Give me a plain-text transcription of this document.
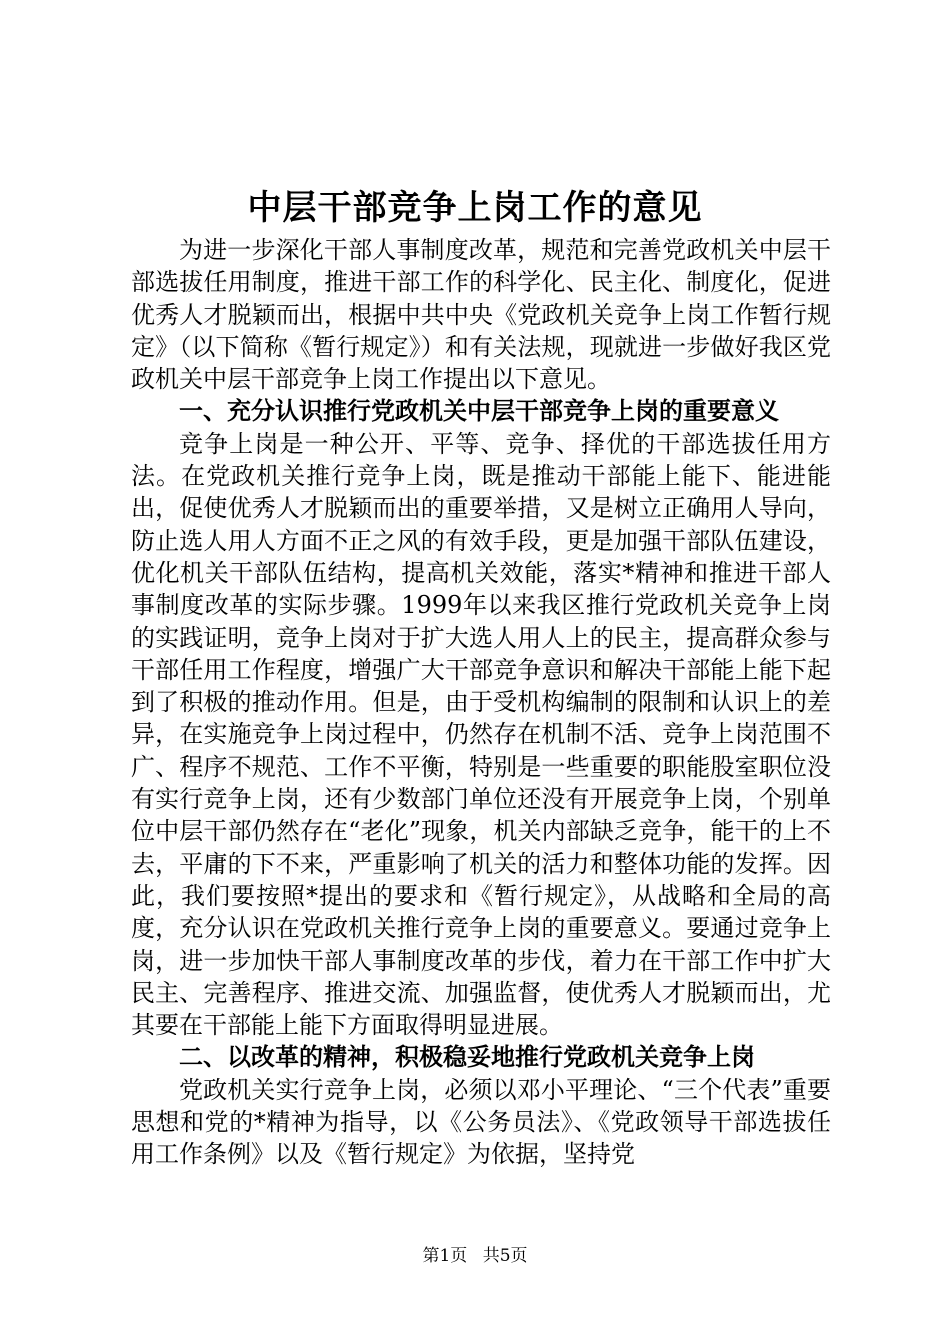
中层干部竞争上岗工作的意见

为进一步深化干部人事制度改革，规范和完善党政机关中层干部选拔任用制度，推进干部工作的科学化、民主化、制度化，促进优秀人才脱颖而出，根据中共中央《党政机关竞争上岗工作暂行规定》（以下简称《暂行规定》）和有关法规，现就进一步做好我区党政机关中层干部竞争上岗工作提出以下意见。

一、充分认识推行党政机关中层干部竞争上岗的重要意义

竞争上岗是一种公开、平等、竞争、择优的干部选拔任用方法。在党政机关推行竞争上岗，既是推动干部能上能下、能进能出，促使优秀人才脱颖而出的重要举措，又是树立正确用人导向，防止选人用人方面不正之风的有效手段，更是加强干部队伍建设，优化机关干部队伍结构，提高机关效能，落实*精神和推进干部人事制度改革的实际步骤。1999年以来我区推行党政机关竞争上岗的实践证明，竞争上岗对于扩大选人用人上的民主，提高群众参与干部任用工作程度，增强广大干部竞争意识和解决干部能上能下起到了积极的推动作用。但是，由于受机构编制的限制和认识上的差异，在实施竞争上岗过程中，仍然存在机制不活、竞争上岗范围不广、程序不规范、工作不平衡，特别是一些重要的职能股室职位没有实行竞争上岗，还有少数部门单位还没有开展竞争上岗，个别单位中层干部仍然存在“老化”现象，机关内部缺乏竞争，能干的上不去，平庸的下不来，严重影响了机关的活力和整体功能的发挥。因此，我们要按照*提出的要求和《暂行规定》，从战略和全局的高度，充分认识在党政机关推行竞争上岗的重要意义。要通过竞争上岗，进一步加快干部人事制度改革的步伐，着力在干部工作中扩大民主、完善程序、推进交流、加强监督，使优秀人才脱颖而出，尤其要在干部能上能下方面取得明显进展。

二、以改革的精神，积极稳妥地推行党政机关竞争上岗

党政机关实行竞争上岗，必须以邓小平理论、“三个代表”重要思想和党的*精神为指导，以《公务员法》、《党政领导干部选拔任用工作条例》以及《暂行规定》为依据，坚持党

第1页 共5页
